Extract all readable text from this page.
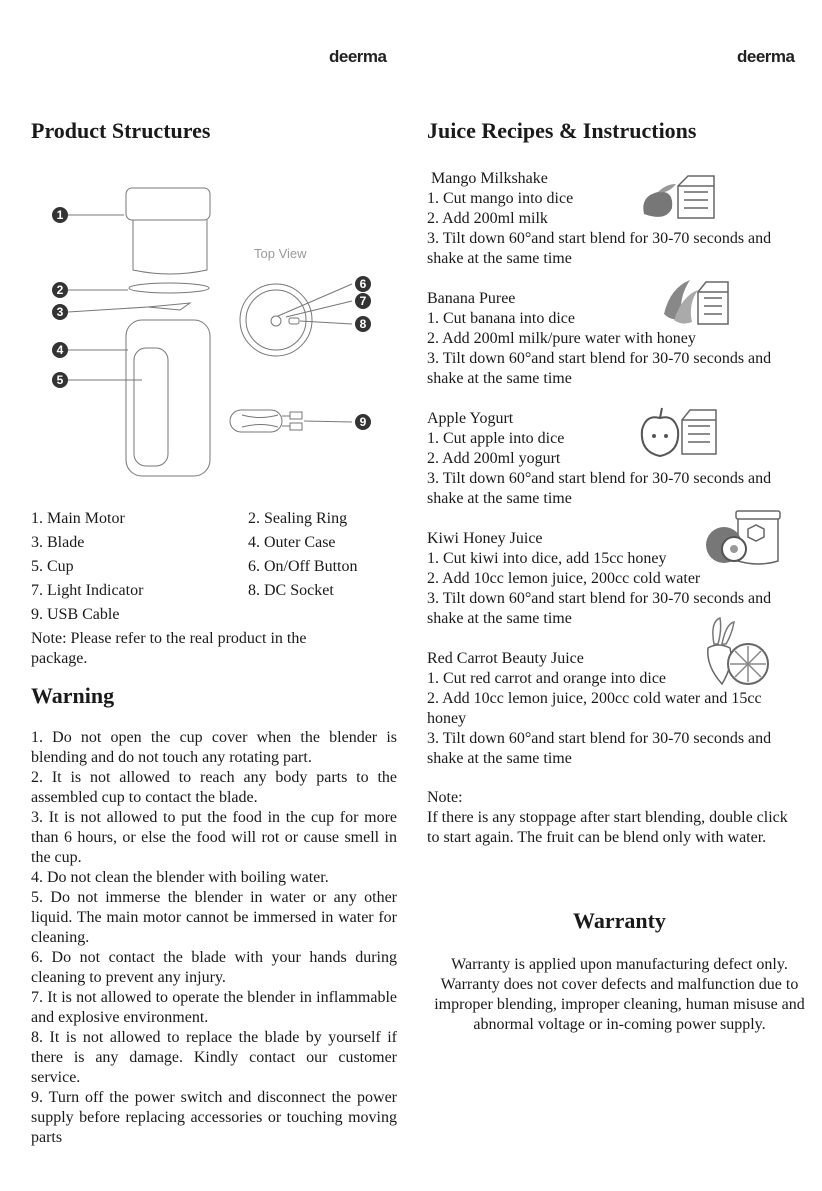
deerma	deerma
Product Structures
Top View
1
2
3
4
5
6
7
8
9
1. Main Motor	2. Sealing Ring
3. Blade	4. Outer Case
5. Cup	6. On/Off Button
7. Light Indicator	8. DC Socket
9. USB Cable
Note: Please refer to the real product in the package.
Warning
1. Do not open the cup cover when the blender is blending and do not touch any rotating part.
2. It is not allowed to reach any body parts to the assembled cup to contact the blade.
3. It is not allowed to put the food in the cup for more than 6 hours, or else the food will rot or cause smell in the cup.
4. Do not clean the blender with boiling water.
5. Do not immerse the blender in water or any other liquid. The main motor cannot be immersed in water for cleaning.
6. Do not contact the blade with your hands during cleaning to prevent any injury.
7. It is not allowed to operate the blender in inflammable and explosive environment.
8. It is not allowed to replace the blade by yourself if there is any damage. Kindly contact our customer service.
9. Turn off the power switch and disconnect the power supply before replacing accessories or touching moving parts
Juice Recipes & Instructions

Mango Milkshake

1. Cut mango into dice

2. Add 200ml milk

3. Tilt down 60°and start blend for 30-70 seconds and shake at the same time

Banana Puree

1. Cut banana into dice

2. Add 200ml milk/pure water with honey

3. Tilt down 60°and start blend for 30-70 seconds and shake at the same time

Apple Yogurt

1. Cut apple into dice

2. Add 200ml yogurt

3. Tilt down 60°and start blend for 30-70 seconds and shake at the same time

Kiwi Honey Juice

1. Cut kiwi into dice, add 15cc honey

2. Add 10cc lemon juice, 200cc cold water

3. Tilt down 60°and start blend for 30-70 seconds and shake at the same time

Red Carrot Beauty Juice

1. Cut red carrot and orange into dice

2. Add 10cc lemon juice, 200cc cold water and 15cc honey

3. Tilt down 60°and start blend for 30-70 seconds and shake at the same time

Note:

If there is any stoppage after start blending, double click to start again. The fruit can be blend only with water.

Warranty
Warranty is applied upon manufacturing defect only. Warranty does not cover defects and malfunction due to improper blending, improper cleaning, human misuse and abnormal voltage or in-coming power supply.
